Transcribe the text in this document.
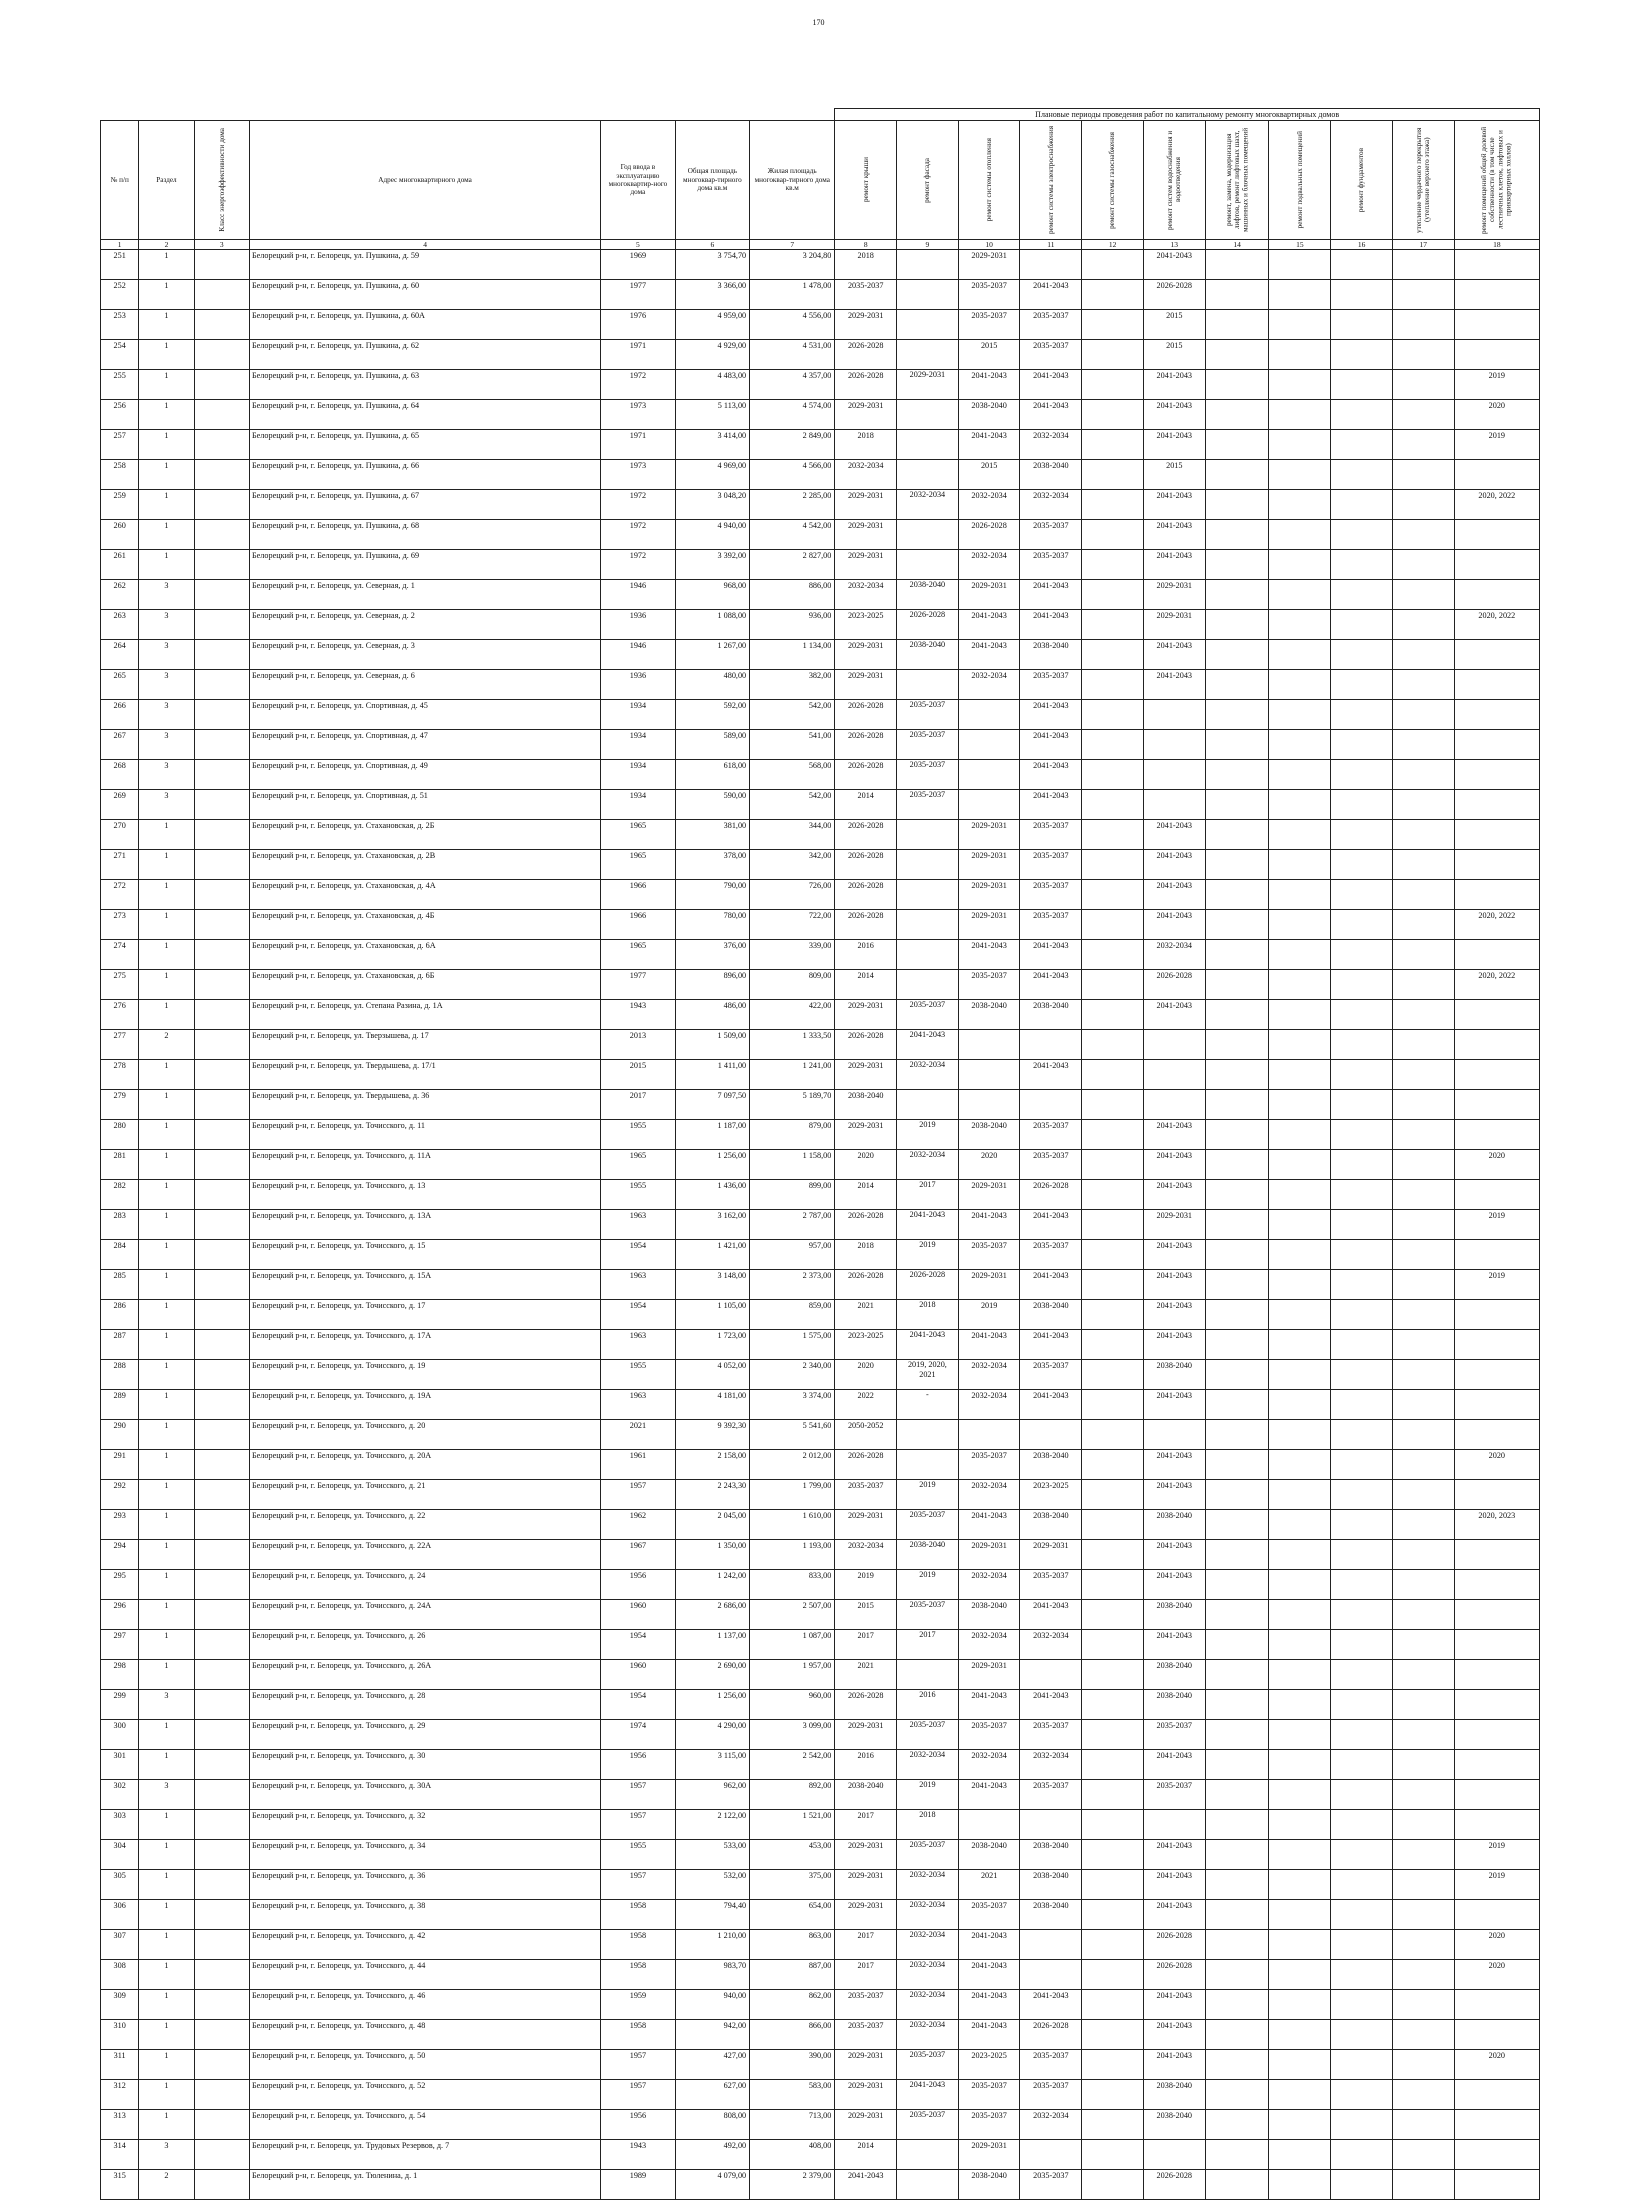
170
							Плановые периоды проведения работ по капитальному ремонту многоквартирных домов										
№ п/п	Раздел	Класс энергоэффективности дома	Адрес многоквартирного дома	Год ввода в эксплуатацию многоквартир-ного дома	Общая площадь многоквар-тирного дома кв.м	Жилая площадь многоквар-тирного дома кв.м	ремонт крыши	ремонт фасада	ремонт системы отопления	ремонт системы электроснабжения	ремонт системы газоснабжения	ремонт систем водоснабжения и водоотведения	ремонт, замена, модернизация лифтов, ремонт лифтовых шахт, машинных и блочных помещений	ремонт подвальных помещений	ремонт фундаментов	утепление чердачного перекрытия (утепление верхнего этажа)	ремонт помещений общей долевой собственности (в том числе лестничных клеток, лифтовых и приквартирных холлов)

1	2	3	4	5	6	7	8	9	10	11	12	13	14	15	16	17	18
251	1		Белорецкий р-н, г. Белорецк, ул. Пушкина, д. 59	1969	3 754,70	3 204,80	2018		2029-2031			2041-2043					
252	1		Белорецкий р-н, г. Белорецк, ул. Пушкина, д. 60	1977	3 366,00	1 478,00	2035-2037		2035-2037	2041-2043		2026-2028					
253	1		Белорецкий р-н, г. Белорецк, ул. Пушкина, д. 60А	1976	4 959,00	4 556,00	2029-2031		2035-2037	2035-2037		2015					
254	1		Белорецкий р-н, г. Белорецк, ул. Пушкина, д. 62	1971	4 929,00	4 531,00	2026-2028		2015	2035-2037		2015					
255	1		Белорецкий р-н, г. Белорецк, ул. Пушкина, д. 63	1972	4 483,00	4 357,00	2026-2028	2029-2031	2041-2043	2041-2043		2041-2043					2019
256	1		Белорецкий р-н, г. Белорецк, ул. Пушкина, д. 64	1973	5 113,00	4 574,00	2029-2031		2038-2040	2041-2043		2041-2043					2020
257	1		Белорецкий р-н, г. Белорецк, ул. Пушкина, д. 65	1971	3 414,00	2 849,00	2018		2041-2043	2032-2034		2041-2043					2019
258	1		Белорецкий р-н, г. Белорецк, ул. Пушкина, д. 66	1973	4 969,00	4 566,00	2032-2034		2015	2038-2040		2015					
259	1		Белорецкий р-н, г. Белорецк, ул. Пушкина, д. 67	1972	3 048,20	2 285,00	2029-2031	2032-2034	2032-2034	2032-2034		2041-2043					2020, 2022
260	1		Белорецкий р-н, г. Белорецк, ул. Пушкина, д. 68	1972	4 940,00	4 542,00	2029-2031		2026-2028	2035-2037		2041-2043					
261	1		Белорецкий р-н, г. Белорецк, ул. Пушкина, д. 69	1972	3 392,00	2 827,00	2029-2031		2032-2034	2035-2037		2041-2043					
262	3		Белорецкий р-н, г. Белорецк, ул. Северная, д. 1	1946	968,00	886,00	2032-2034	2038-2040	2029-2031	2041-2043		2029-2031					
263	3		Белорецкий р-н, г. Белорецк, ул. Северная, д. 2	1936	1 088,00	936,00	2023-2025	2026-2028	2041-2043	2041-2043		2029-2031					2020, 2022
264	3		Белорецкий р-н, г. Белорецк, ул. Северная, д. 3	1946	1 267,00	1 134,00	2029-2031	2038-2040	2041-2043	2038-2040		2041-2043					
265	3		Белорецкий р-н, г. Белорецк, ул. Северная, д. 6	1936	480,00	382,00	2029-2031		2032-2034	2035-2037		2041-2043					
266	3		Белорецкий р-н, г. Белорецк, ул. Спортивная, д. 45	1934	592,00	542,00	2026-2028	2035-2037		2041-2043							
267	3		Белорецкий р-н, г. Белорецк, ул. Спортивная, д. 47	1934	589,00	541,00	2026-2028	2035-2037		2041-2043							
268	3		Белорецкий р-н, г. Белорецк, ул. Спортивная, д. 49	1934	618,00	568,00	2026-2028	2035-2037		2041-2043							
269	3		Белорецкий р-н, г. Белорецк, ул. Спортивная, д. 51	1934	590,00	542,00	2014	2035-2037		2041-2043							
270	1		Белорецкий р-н, г. Белорецк, ул. Стахановская, д. 2Б	1965	381,00	344,00	2026-2028		2029-2031	2035-2037		2041-2043					
271	1		Белорецкий р-н, г. Белорецк, ул. Стахановская, д. 2В	1965	378,00	342,00	2026-2028		2029-2031	2035-2037		2041-2043					
272	1		Белорецкий р-н, г. Белорецк, ул. Стахановская, д. 4А	1966	790,00	726,00	2026-2028		2029-2031	2035-2037		2041-2043					
273	1		Белорецкий р-н, г. Белорецк, ул. Стахановская, д. 4Б	1966	780,00	722,00	2026-2028		2029-2031	2035-2037		2041-2043					2020, 2022
274	1		Белорецкий р-н, г. Белорецк, ул. Стахановская, д. 6А	1965	376,00	339,00	2016		2041-2043	2041-2043		2032-2034					
275	1		Белорецкий р-н, г. Белорецк, ул. Стахановская, д. 6Б	1977	896,00	809,00	2014		2035-2037	2041-2043		2026-2028					2020, 2022
276	1		Белорецкий р-н, г. Белорецк, ул. Степана Разина, д. 1А	1943	486,00	422,00	2029-2031	2035-2037	2038-2040	2038-2040		2041-2043					
277	2		Белорецкий р-н, г. Белорецк, ул. Тверзышева, д. 17	2013	1 509,00	1 333,50	2026-2028	2041-2043									
278	1		Белорецкий р-н, г. Белорецк, ул. Твердышева, д. 17/1	2015	1 411,00	1 241,00	2029-2031	2032-2034		2041-2043							
279	1		Белорецкий р-н, г. Белорецк, ул. Твердышева, д. 36	2017	7 097,50	5 189,70	2038-2040										
280	1		Белорецкий р-н, г. Белорецк, ул. Точисского, д. 11	1955	1 187,00	879,00	2029-2031	2019	2038-2040	2035-2037		2041-2043					
281	1		Белорецкий р-н, г. Белорецк, ул. Точисского, д. 11А	1965	1 256,00	1 158,00	2020	2032-2034	2020	2035-2037		2041-2043					2020
282	1		Белорецкий р-н, г. Белорецк, ул. Точисского, д. 13	1955	1 436,00	899,00	2014	2017	2029-2031	2026-2028		2041-2043					
283	1		Белорецкий р-н, г. Белорецк, ул. Точисского, д. 13А	1963	3 162,00	2 787,00	2026-2028	2041-2043	2041-2043	2041-2043		2029-2031					2019
284	1		Белорецкий р-н, г. Белорецк, ул. Точисского, д. 15	1954	1 421,00	957,00	2018	2019	2035-2037	2035-2037		2041-2043					
285	1		Белорецкий р-н, г. Белорецк, ул. Точисского, д. 15А	1963	3 148,00	2 373,00	2026-2028	2026-2028	2029-2031	2041-2043		2041-2043					2019
286	1		Белорецкий р-н, г. Белорецк, ул. Точисского, д. 17	1954	1 105,00	859,00	2021	2018	2019	2038-2040		2041-2043					
287	1		Белорецкий р-н, г. Белорецк, ул. Точисского, д. 17А	1963	1 723,00	1 575,00	2023-2025	2041-2043	2041-2043	2041-2043		2041-2043					
288	1		Белорецкий р-н, г. Белорецк, ул. Точисского, д. 19	1955	4 052,00	2 340,00	2020	2019, 2020, 2021	2032-2034	2035-2037		2038-2040					
289	1		Белорецкий р-н, г. Белорецк, ул. Точисского, д. 19А	1963	4 181,00	3 374,00	2022	-	2032-2034	2041-2043		2041-2043					
290	1		Белорецкий р-н, г. Белорецк, ул. Точисского, д. 20	2021	9 392,30	5 541,60	2050-2052										
291	1		Белорецкий р-н, г. Белорецк, ул. Точисского, д. 20А	1961	2 158,00	2 012,00	2026-2028		2035-2037	2038-2040		2041-2043					2020
292	1		Белорецкий р-н, г. Белорецк, ул. Точисского, д. 21	1957	2 243,30	1 799,00	2035-2037	2019	2032-2034	2023-2025		2041-2043					
293	1		Белорецкий р-н, г. Белорецк, ул. Точисского, д. 22	1962	2 045,00	1 610,00	2029-2031	2035-2037	2041-2043	2038-2040		2038-2040					2020, 2023
294	1		Белорецкий р-н, г. Белорецк, ул. Точисского, д. 22А	1967	1 350,00	1 193,00	2032-2034	2038-2040	2029-2031	2029-2031		2041-2043					
295	1		Белорецкий р-н, г. Белорецк, ул. Точисского, д. 24	1956	1 242,00	833,00	2019	2019	2032-2034	2035-2037		2041-2043					
296	1		Белорецкий р-н, г. Белорецк, ул. Точисского, д. 24А	1960	2 686,00	2 507,00	2015	2035-2037	2038-2040	2041-2043		2038-2040					
297	1		Белорецкий р-н, г. Белорецк, ул. Точисского, д. 26	1954	1 137,00	1 087,00	2017	2017	2032-2034	2032-2034		2041-2043					
298	1		Белорецкий р-н, г. Белорецк, ул. Точисского, д. 26А	1960	2 690,00	1 957,00	2021		2029-2031			2038-2040					
299	3		Белорецкий р-н, г. Белорецк, ул. Точисского, д. 28	1954	1 256,00	960,00	2026-2028	2016	2041-2043	2041-2043		2038-2040					
300	1		Белорецкий р-н, г. Белорецк, ул. Точисского, д. 29	1974	4 290,00	3 099,00	2029-2031	2035-2037	2035-2037	2035-2037		2035-2037					
301	1		Белорецкий р-н, г. Белорецк, ул. Точисского, д. 30	1956	3 115,00	2 542,00	2016	2032-2034	2032-2034	2032-2034		2041-2043					
302	3		Белорецкий р-н, г. Белорецк, ул. Точисского, д. 30А	1957	962,00	892,00	2038-2040	2019	2041-2043	2035-2037		2035-2037					
303	1		Белорецкий р-н, г. Белорецк, ул. Точисского, д. 32	1957	2 122,00	1 521,00	2017	2018									
304	1		Белорецкий р-н, г. Белорецк, ул. Точисского, д. 34	1955	533,00	453,00	2029-2031	2035-2037	2038-2040	2038-2040		2041-2043					2019
305	1		Белорецкий р-н, г. Белорецк, ул. Точисского, д. 36	1957	532,00	375,00	2029-2031	2032-2034	2021	2038-2040		2041-2043					2019
306	1		Белорецкий р-н, г. Белорецк, ул. Точисского, д. 38	1958	794,40	654,00	2029-2031	2032-2034	2035-2037	2038-2040		2041-2043					
307	1		Белорецкий р-н, г. Белорецк, ул. Точисского, д. 42	1958	1 210,00	863,00	2017	2032-2034	2041-2043			2026-2028					2020
308	1		Белорецкий р-н, г. Белорецк, ул. Точисского, д. 44	1958	983,70	887,00	2017	2032-2034	2041-2043			2026-2028					2020
309	1		Белорецкий р-н, г. Белорецк, ул. Точисского, д. 46	1959	940,00	862,00	2035-2037	2032-2034	2041-2043	2041-2043		2041-2043					
310	1		Белорецкий р-н, г. Белорецк, ул. Точисского, д. 48	1958	942,00	866,00	2035-2037	2032-2034	2041-2043	2026-2028		2041-2043					
311	1		Белорецкий р-н, г. Белорецк, ул. Точисского, д. 50	1957	427,00	390,00	2029-2031	2035-2037	2023-2025	2035-2037		2041-2043					2020
312	1		Белорецкий р-н, г. Белорецк, ул. Точисского, д. 52	1957	627,00	583,00	2029-2031	2041-2043	2035-2037	2035-2037		2038-2040					
313	1		Белорецкий р-н, г. Белорецк, ул. Точисского, д. 54	1956	808,00	713,00	2029-2031	2035-2037	2035-2037	2032-2034		2038-2040					
314	3		Белорецкий р-н, г. Белорецк, ул. Трудовых Резервов, д. 7	1943	492,00	408,00	2014		2029-2031								
315	2		Белорецкий р-н, г. Белорецк, ул. Тюленина, д. 1	1989	4 079,00	2 379,00	2041-2043		2038-2040	2035-2037		2026-2028					
